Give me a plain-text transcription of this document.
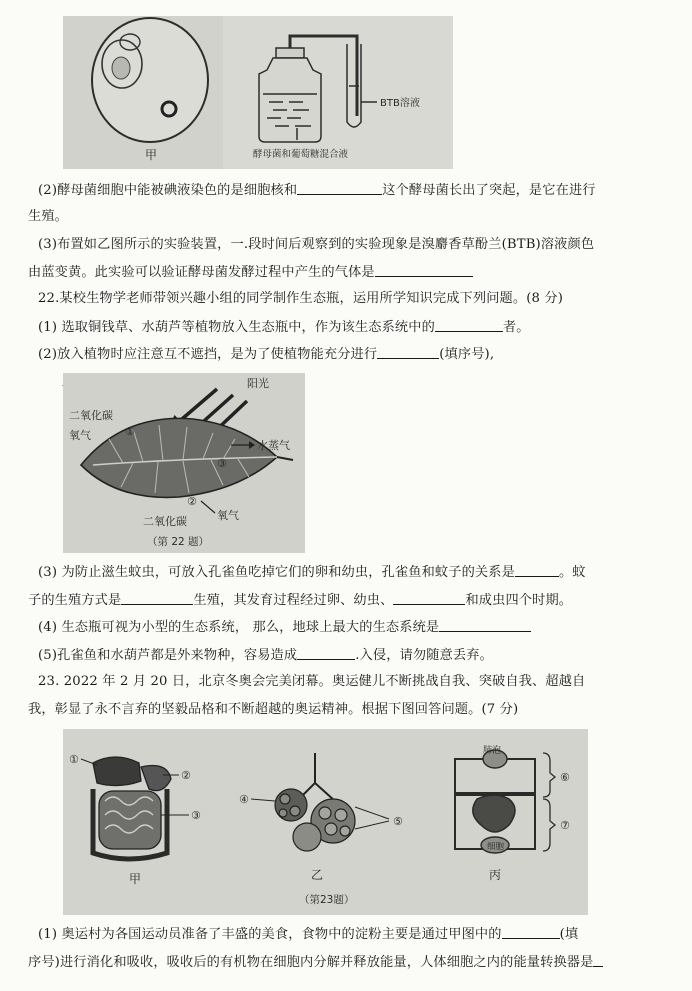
甲
BTB溶液
酵母菌和葡萄糖混合液
(2)酵母菌细胞中能被碘液染色的是细胞核和	这个酵母菌长出了突起，是它在进行
生殖。
(3)布置如乙图所示的实验装置，一.段时间后观察到的实验现象是溴麝香草酚兰(BTB)溶液颜色
由蓝变黄。此实验可以验证酵母菌发酵过程中产生的气体是
22.某校生物学老师带领兴趣小组的同学制作生态瓶，运用所学知识完成下列问题。(8 分)
(1) 选取铜钱草、水葫芦等植物放入生态瓶中，作为该生态系统中的	者。
(2)放入植物时应注意互不遮挡，是为了使植物能充分进行	(填序号),
阳光
二氧化碳
①
氧气
③
水蒸气
②
氧气
二氧化碳
（第 22 题）
(3) 为防止滋生蚊虫，可放入孔雀鱼吃掉它们的卵和幼虫，孔雀鱼和蚊子的关系是	。蚊
子的生殖方式是	生殖，其发育过程经过卵、幼虫、	和成虫四个时期。
(4) 生态瓶可视为小型的生态系统， 那么，地球上最大的生态系统是
(5)孔雀鱼和水葫芦都是外来物种，容易造成	.入侵，请勿随意丢弃。
23. 2022 年 2 月 20 日，北京冬奥会完美闭幕。奥运健儿不断挑战自我、突破自我、超越自
我，彰显了永不言弃的坚毅品格和不断超越的奥运精神。根据下图回答问题。(7 分)
①
②
③
甲
④
⑤
乙
（第23题）
肺泡
细胞
⑥
⑦
丙
(1) 奥运村为各国运动员准备了丰盛的美食，食物中的淀粉主要是通过甲图中的	(填
序号)进行消化和吸收，吸收后的有机物在细胞内分解并释放能量，人体细胞之内的能量转换器是
